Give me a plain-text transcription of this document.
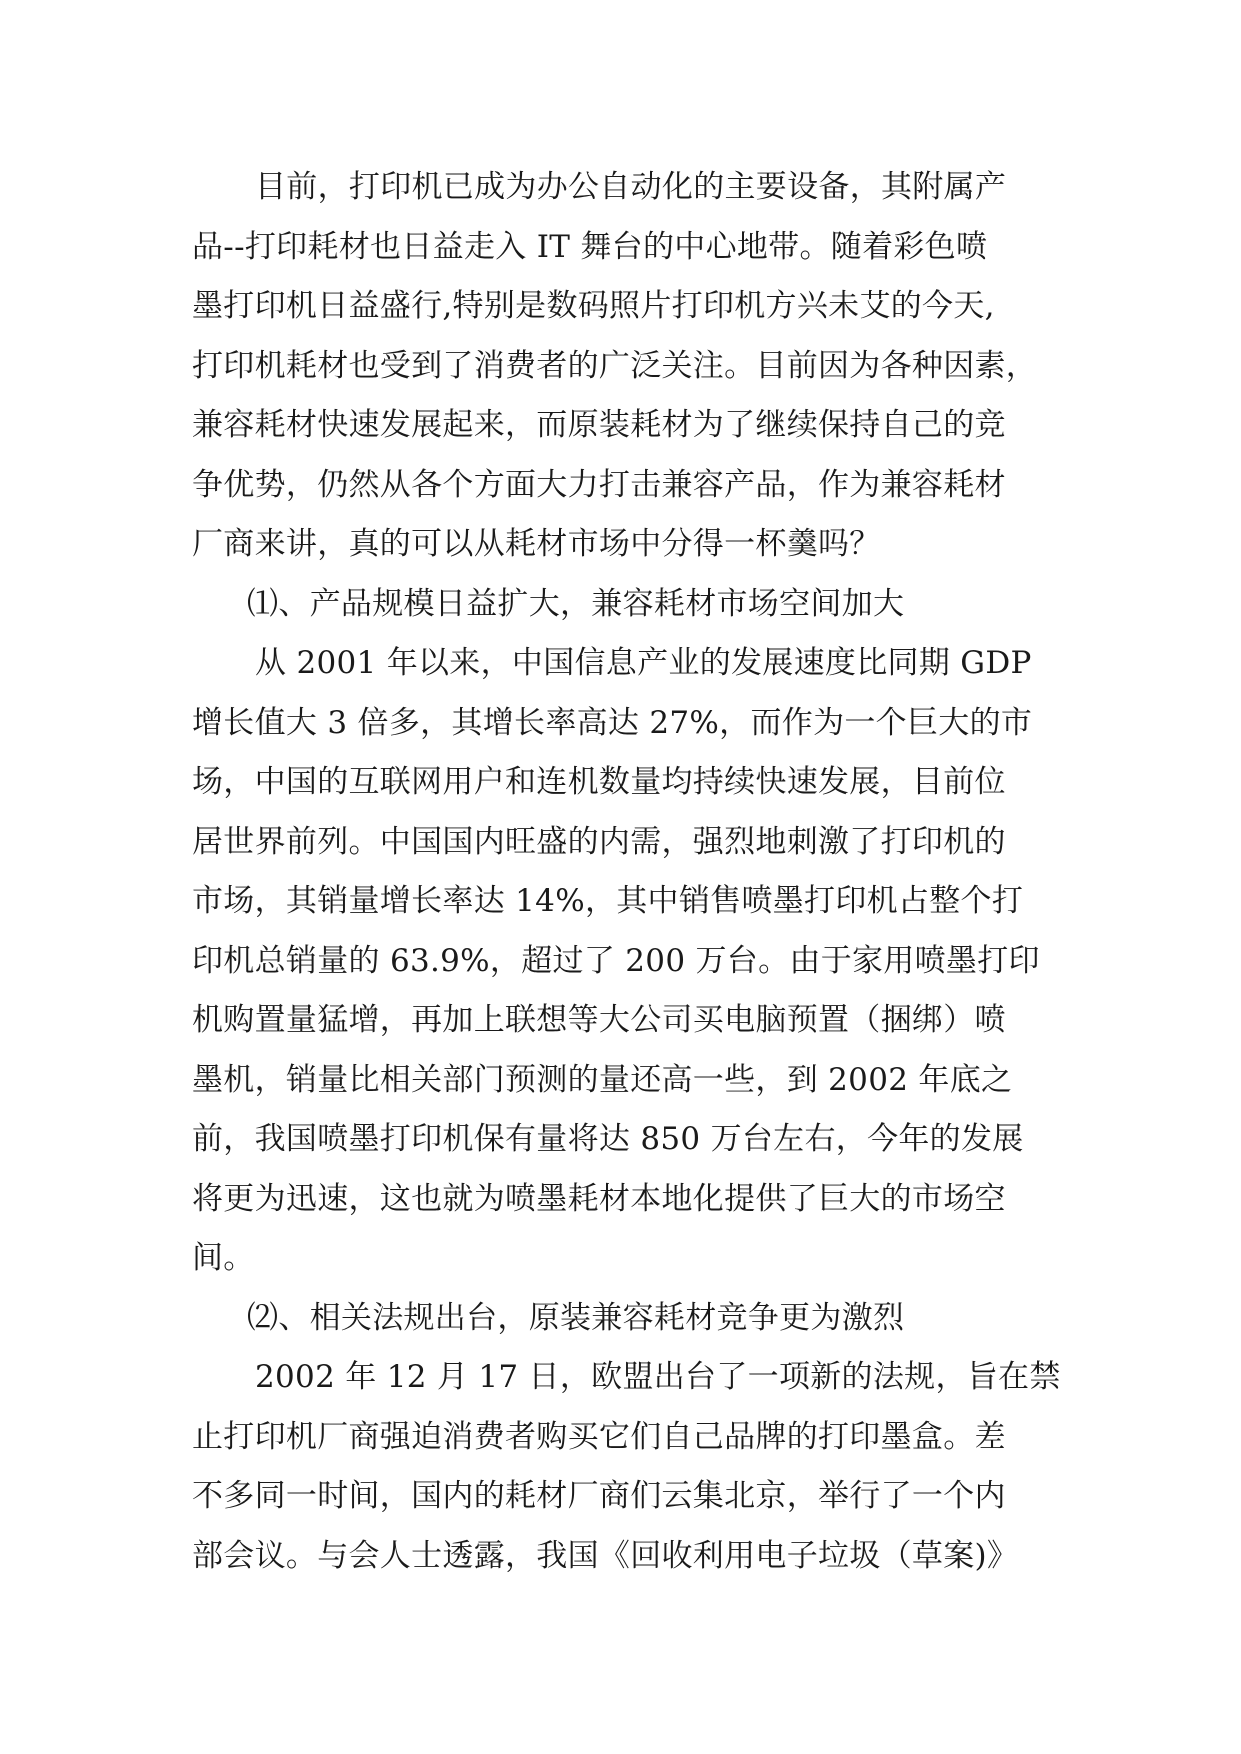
目前，打印机已成为办公自动化的主要设备，其附属产
品--打印耗材也日益走入 IT 舞台的中心地带。随着彩色喷
墨打印机日益盛行,特别是数码照片打印机方兴未艾的今天,
打印机耗材也受到了消费者的广泛关注。目前因为各种因素，
兼容耗材快速发展起来，而原装耗材为了继续保持自己的竞
争优势，仍然从各个方面大力打击兼容产品，作为兼容耗材
厂商来讲，真的可以从耗材市场中分得一杯羹吗？
⑴、产品规模日益扩大，兼容耗材市场空间加大
从 2001 年以来，中国信息产业的发展速度比同期 GDP
增长值大 3 倍多，其增长率高达 27%，而作为一个巨大的市
场，中国的互联网用户和连机数量均持续快速发展，目前位
居世界前列。中国国内旺盛的内需，强烈地刺激了打印机的
市场，其销量增长率达 14%，其中销售喷墨打印机占整个打
印机总销量的 63.9%，超过了 200 万台。由于家用喷墨打印
机购置量猛增，再加上联想等大公司买电脑预置（捆绑）喷
墨机，销量比相关部门预测的量还高一些，到 2002 年底之
前，我国喷墨打印机保有量将达 850 万台左右，今年的发展
将更为迅速，这也就为喷墨耗材本地化提供了巨大的市场空
间。
⑵、相关法规出台，原装兼容耗材竞争更为激烈
2002 年 12 月 17 日，欧盟出台了一项新的法规，旨在禁
止打印机厂商强迫消费者购买它们自己品牌的打印墨盒。差
不多同一时间，国内的耗材厂商们云集北京，举行了一个内
部会议。与会人士透露，我国《回收利用电子垃圾（草案)》
